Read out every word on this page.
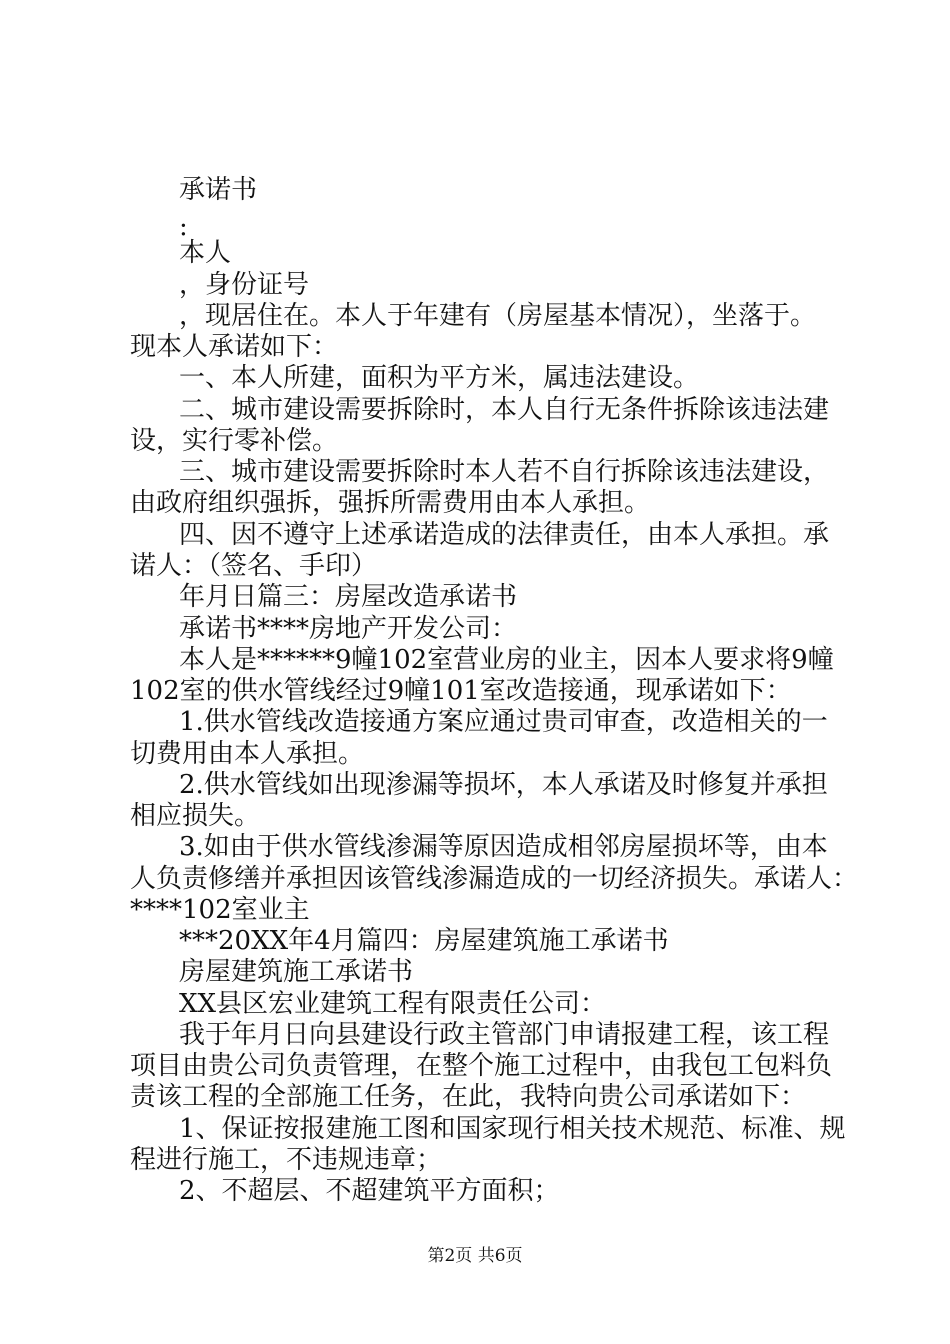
承诺书
:
本人
，身份证号
，现居住在。本人于年建有（房屋基本情况），坐落于。
现本人承诺如下：
一、本人所建，面积为平方米，属违法建设。
二、城市建设需要拆除时，本人自行无条件拆除该违法建
设，实行零补偿。
三、城市建设需要拆除时本人若不自行拆除该违法建设，
由政府组织强拆，强拆所需费用由本人承担。
四、因不遵守上述承诺造成的法律责任，由本人承担。承
诺人：（签名、手印）
年月日篇三：房屋改造承诺书
承诺书****房地产开发公司：
本人是******9幢102室营业房的业主，因本人要求将9幢
102室的供水管线经过9幢101室改造接通，现承诺如下：
1.供水管线改造接通方案应通过贵司审查，改造相关的一
切费用由本人承担。
2.供水管线如出现渗漏等损坏，本人承诺及时修复并承担
相应损失。
3.如由于供水管线渗漏等原因造成相邻房屋损坏等，由本
人负责修缮并承担因该管线渗漏造成的一切经济损失。承诺人：
****102室业主
***20XX年4月篇四：房屋建筑施工承诺书
房屋建筑施工承诺书
XX县区宏业建筑工程有限责任公司：
我于年月日向县建设行政主管部门申请报建工程，该工程
项目由贵公司负责管理，在整个施工过程中，由我包工包料负
责该工程的全部施工任务，在此，我特向贵公司承诺如下：
1、保证按报建施工图和国家现行相关技术规范、标准、规
程进行施工，不违规违章；
2、不超层、不超建筑平方面积；
第2页 共6页
